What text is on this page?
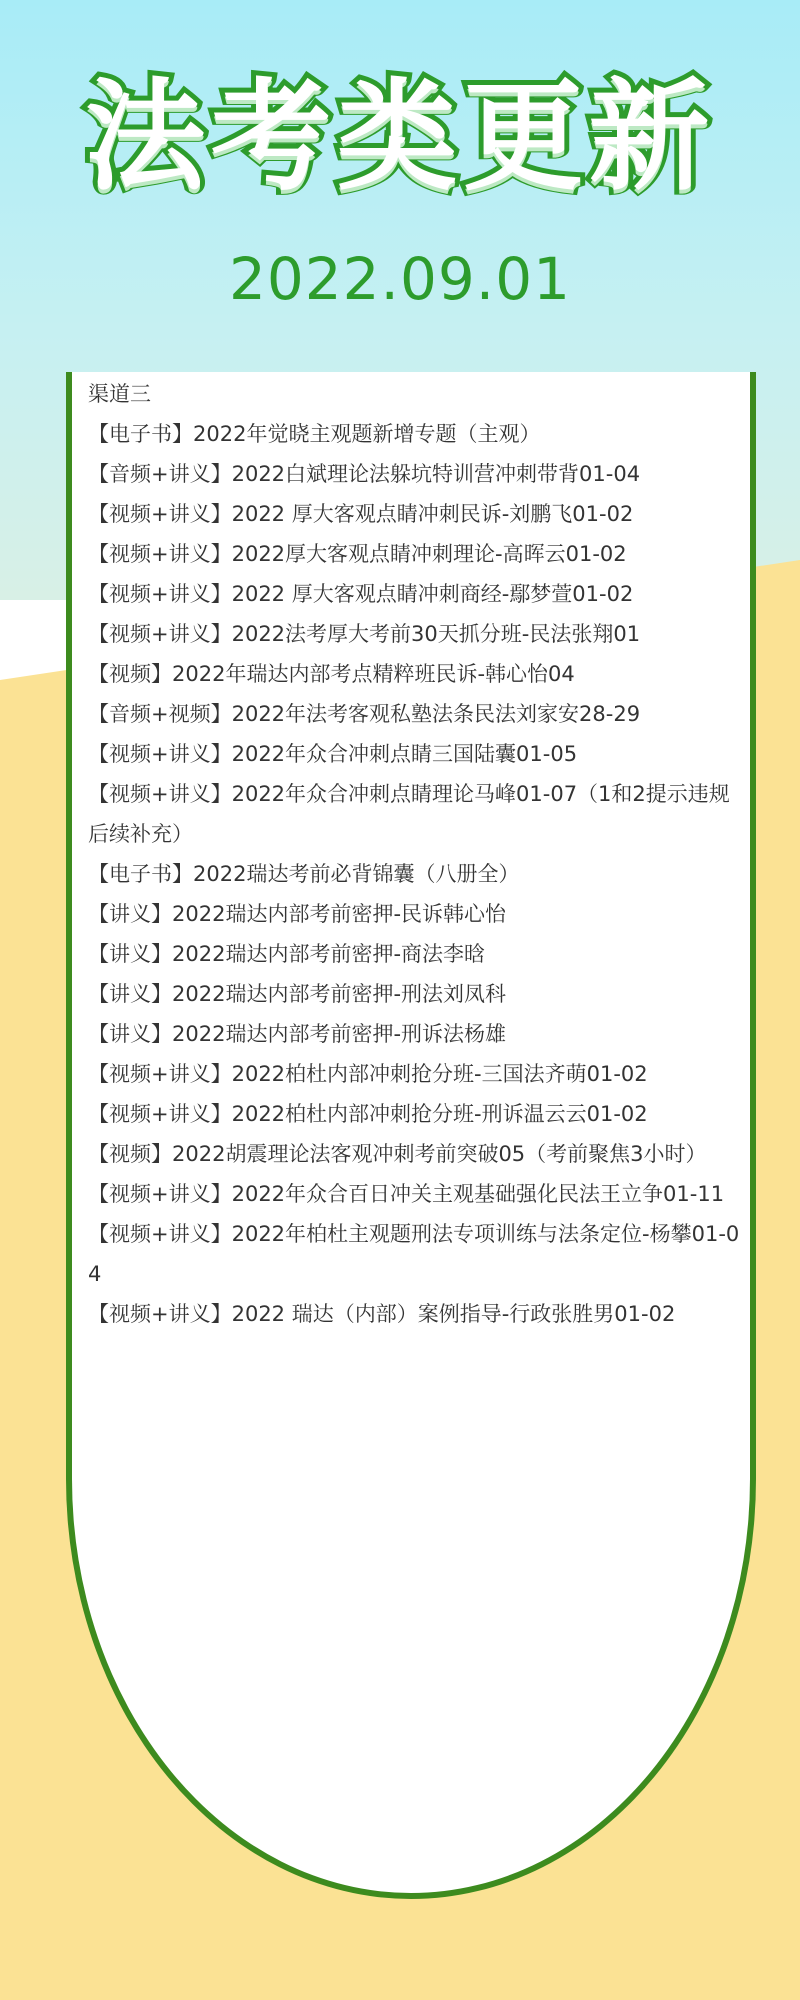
法考类更新
2022.09.01
渠道三
【电子书】2022年觉晓主观题新增专题（主观）
【音频+讲义】2022白斌理论法躲坑特训营冲刺带背01-04
【视频+讲义】2022 厚大客观点睛冲刺民诉-刘鹏飞01-02
【视频+讲义】2022厚大客观点睛冲刺理论-高晖云01-02
【视频+讲义】2022 厚大客观点睛冲刺商经-鄢梦萱01-02
【视频+讲义】2022法考厚大考前30天抓分班-民法张翔01
【视频】2022年瑞达内部考点精粹班民诉-韩心怡04
【音频+视频】2022年法考客观私塾法条民法刘家安28-29
【视频+讲义】2022年众合冲刺点睛三国陆囊01-05
【视频+讲义】2022年众合冲刺点睛理论马峰01-07（1和2提示违规后续补充）
【电子书】2022瑞达考前必背锦囊（八册全）
【讲义】2022瑞达内部考前密押-民诉韩心怡
【讲义】2022瑞达内部考前密押-商法李晗
【讲义】2022瑞达内部考前密押-刑法刘凤科
【讲义】2022瑞达内部考前密押-刑诉法杨雄
【视频+讲义】2022柏杜内部冲刺抢分班-三国法齐萌01-02
【视频+讲义】2022柏杜内部冲刺抢分班-刑诉温云云01-02
【视频】2022胡震理论法客观冲刺考前突破05（考前聚焦3小时）
【视频+讲义】2022年众合百日冲关主观基础强化民法王立争01-11
【视频+讲义】2022年柏杜主观题刑法专项训练与法条定位-杨攀01-04
【视频+讲义】2022 瑞达（内部）案例指导-行政张胜男01-02
